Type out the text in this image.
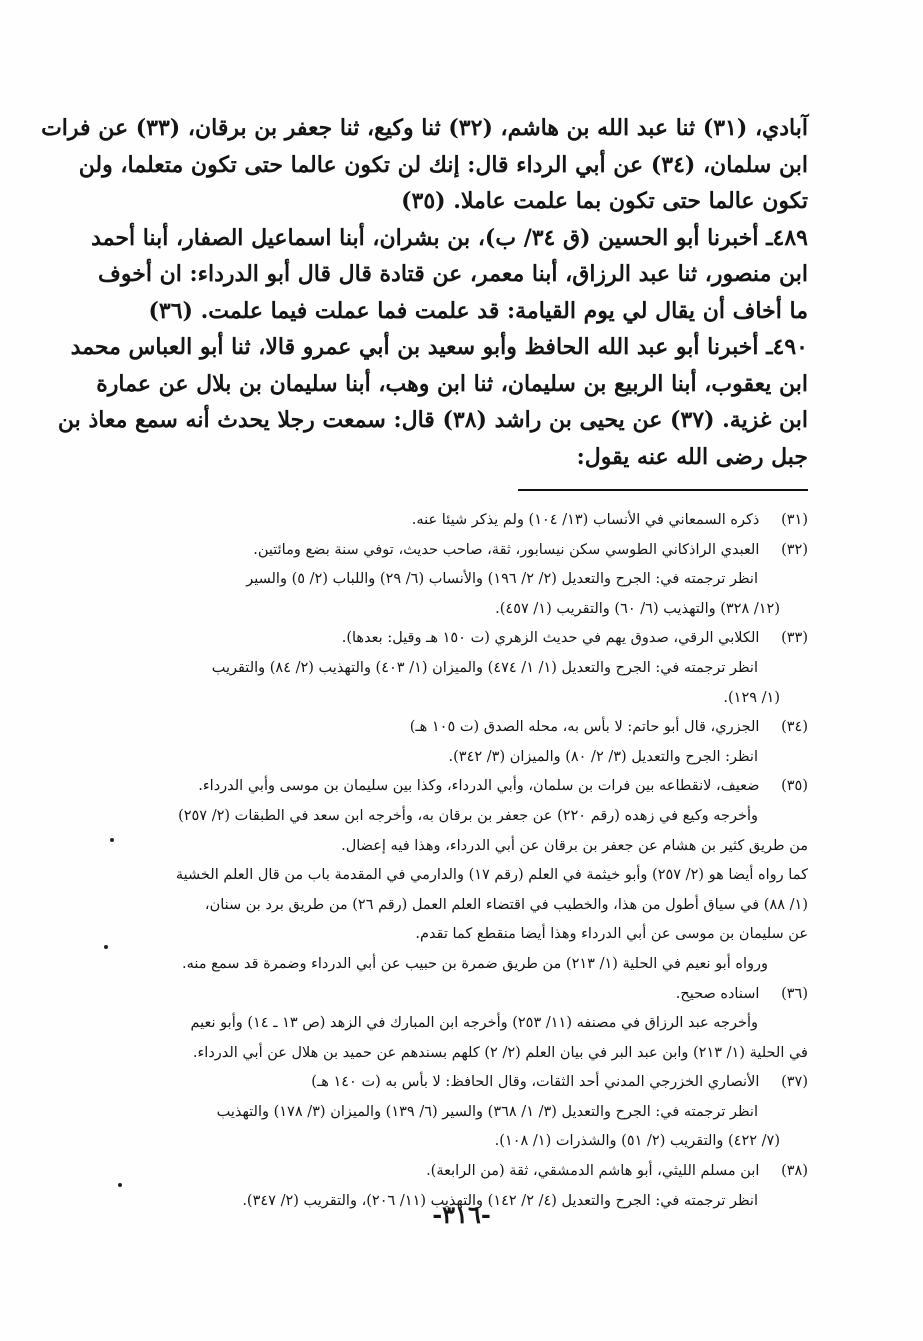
آبادي، (٣١) ثنا عبد الله بن هاشم، (٣٢) ثنا وكيع، ثنا جعفر بن برقان، (٣٣) عن فرات
ابن سلمان، (٣٤) عن أبي الرداء قال: إنك لن تكون عالما حتى تكون متعلما، ولن
تكون عالما حتى تكون بما علمت عاملا. (٣٥)
٤٨٩ـ أخبرنا أبو الحسين (ق ٣٤/ ب)، بن بشران، أبنا اسماعيل الصفار، أبنا أحمد
ابن منصور، ثنا عبد الرزاق، أبنا معمر، عن قتادة قال قال أبو الدرداء: ان أخوف
ما أخاف أن يقال لي يوم القيامة: قد علمت فما عملت فيما علمت. (٣٦)
٤٩٠ـ أخبرنا أبو عبد الله الحافظ وأبو سعيد بن أبي عمرو قالا، ثنا أبو العباس محمد
ابن يعقوب، أبنا الربيع بن سليمان، ثنا ابن وهب، أبنا سليمان بن بلال عن عمارة
ابن غزية. (٣٧) عن يحيى بن راشد (٣٨) قال: سمعت رجلا يحدث أنه سمع معاذ بن
جبل رضى الله عنه يقول:
(٣١) ذكره السمعاني في الأنساب (١٣/ ١٠٤) ولم يذكر شيئا عنه.
(٣٢) العبدي الراذكاني الطوسي سكن نيسابور، ثقة، صاحب حديث، توفي سنة بضع ومائتين.
انظر ترجمته في: الجرح والتعديل (٢/ ٢/ ١٩٦) والأنساب (٦/ ٢٩) واللباب (٢/ ٥) والسير
(١٢/ ٣٢٨) والتهذيب (٦/ ٦٠) والتقريب (١/ ٤٥٧).
(٣٣) الكلابي الرقي، صدوق يهم في حديث الزهري (ت ١٥٠ هـ وقيل: بعدها).
انظر ترجمته في: الجرح والتعديل (١/ ١/ ٤٧٤) والميزان (١/ ٤٠٣) والتهذيب (٢/ ٨٤) والتقريب
(١/ ١٢٩).
(٣٤) الجزري، قال أبو حاتم: لا بأس به، محله الصدق (ت ١٠٥ هـ)
انظر: الجرح والتعديل (٣/ ٢/ ٨٠) والميزان (٣/ ٣٤٢).
(٣٥) ضعيف، لانقطاعه بين فرات بن سلمان، وأبي الدرداء، وكذا بين سليمان بن موسى وأبي الدرداء.
وأخرجه وكيع في زهده (رقم ٢٢٠) عن جعفر بن برقان به، وأخرجه ابن سعد في الطبقات (٢/ ٢٥٧)
من طريق كثير بن هشام عن جعفر بن برقان عن أبي الدرداء، وهذا فيه إعضال.
كما رواه أيضا هو (٢/ ٢٥٧) وأبو خيثمة في العلم (رقم ١٧) والدارمي في المقدمة باب من قال العلم الخشية
(١/ ٨٨) في سياق أطول من هذا، والخطيب في اقتضاء العلم العمل (رقم ٢٦) من طريق برد بن سنان،
عن سليمان بن موسى عن أبي الدرداء وهذا أيضا منقطع كما تقدم.
ورواه أبو نعيم في الحلية (١/ ٢١٣) من طريق ضمرة بن حبيب عن أبي الدرداء وضمرة قد سمع منه.
(٣٦) اسناده صحيح.
وأخرجه عبد الرزاق في مصنفه (١١/ ٢٥٣) وأخرجه ابن المبارك في الزهد (ص ١٣ ـ ١٤) وأبو نعيم
في الحلية (١/ ٢١٣) وابن عبد البر في بيان العلم (٢/ ٢) كلهم بسندهم عن حميد بن هلال عن أبي الدرداء.
(٣٧) الأنصاري الخزرجي المدني أحد الثقات، وقال الحافظ: لا بأس به (ت ١٤٠ هـ)
انظر ترجمته في: الجرح والتعديل (٣/ ١/ ٣٦٨) والسير (٦/ ١٣٩) والميزان (٣/ ١٧٨) والتهذيب
(٧/ ٤٢٢) والتقريب (٢/ ٥١) والشذرات (١/ ١٠٨).
(٣٨) ابن مسلم الليثي، أبو هاشم الدمشقي، ثقة (من الرابعة).
انظر ترجمته في: الجرح والتعديل (٤/ ٢/ ١٤٢) والتهذيب (١١/ ٢٠٦)، والتقريب (٢/ ٣٤٧).
-٣١٦-
